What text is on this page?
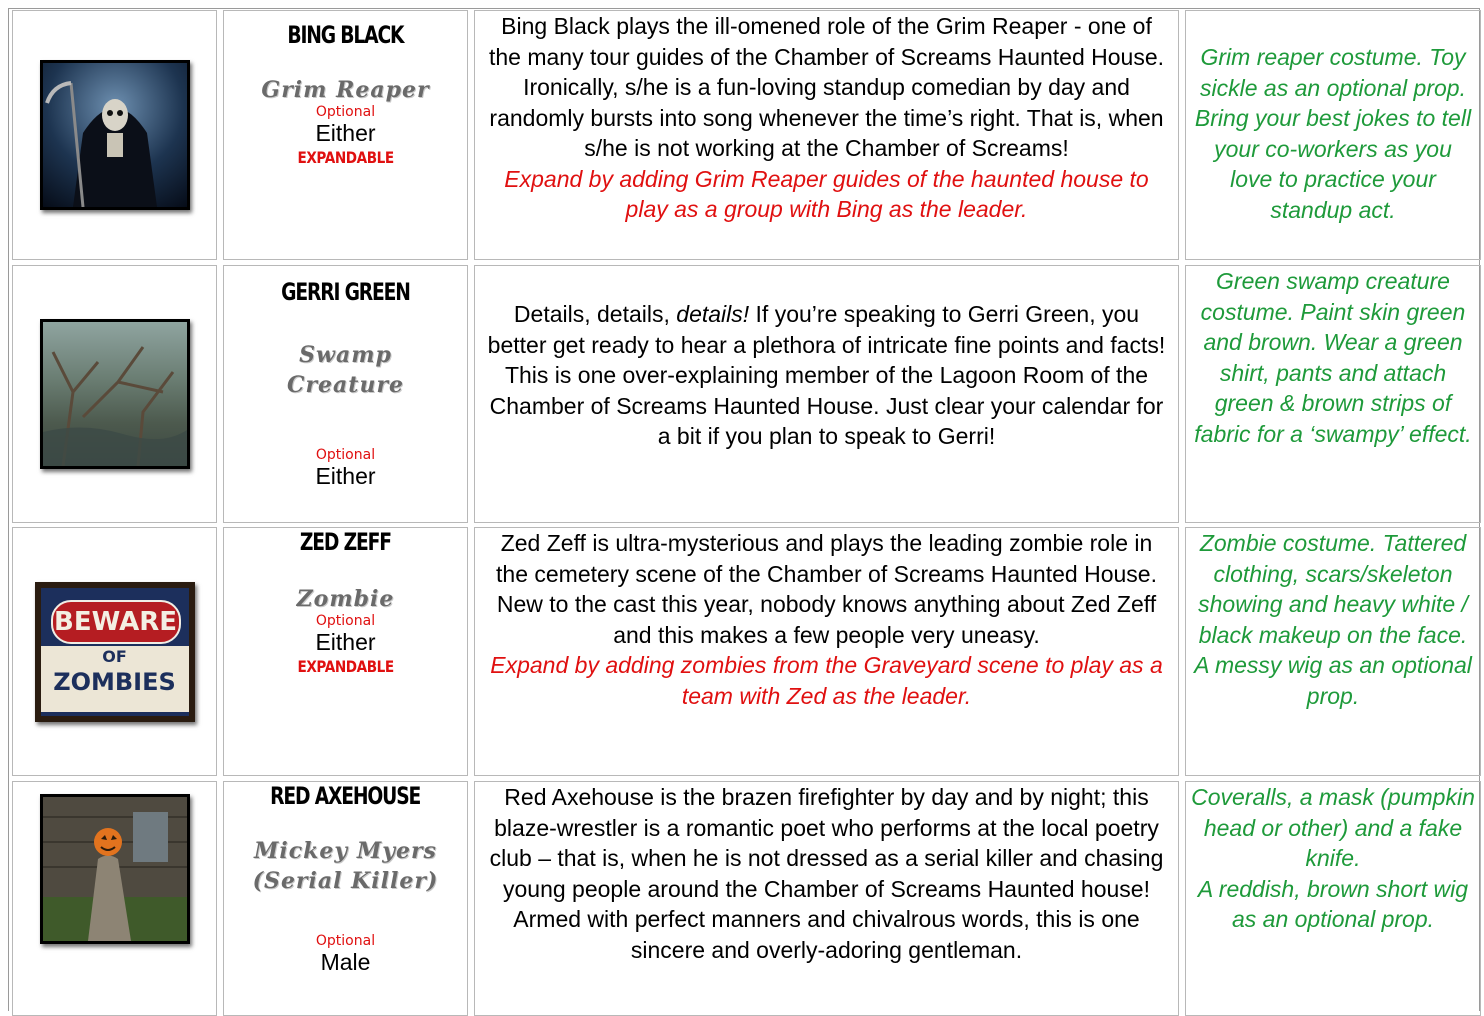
BING BLACK
Grim Reaper
Optional
Either
EXPANDABLE
Bing Black plays the ill-omened role of the Grim Reaper - one of the many tour guides of the Chamber of Screams Haunted House. Ironically, s/he is a fun-loving standup comedian by day and randomly bursts into song whenever the time’s right. That is, when s/he is not working at the Chamber of Screams!
Expand by adding Grim Reaper guides of the haunted house to play as a group with Bing as the leader.
Grim reaper costume. Toy sickle as an optional prop. Bring your best jokes to tell your co-workers as you love to practice your standup act.
GERRI GREEN
Swamp
Creature
Optional
Either
Details, details, details! If you’re speaking to Gerri Green, you better get ready to hear a plethora of intricate fine points and facts! This is one over-explaining member of the Lagoon Room of the Chamber of Screams Haunted House. Just clear your calendar for a bit if you plan to speak to Gerri!
Green swamp creature costume. Paint skin green and brown. Wear a green shirt, pants and attach green & brown strips of fabric for a ‘swampy’ effect.
BEWARE
OF
ZOMBIES
ZED ZEFF
Zombie
Optional
Either
EXPANDABLE
Zed Zeff is ultra-mysterious and plays the leading zombie role in the cemetery scene of the Chamber of Screams Haunted House. New to the cast this year, nobody knows anything about Zed Zeff and this makes a few people very uneasy.
Expand by adding zombies from the Graveyard scene to play as a team with Zed as the leader.
Zombie costume. Tattered clothing, scars/skeleton showing and heavy white / black makeup on the face. A messy wig as an optional prop.
RED AXEHOUSE
Mickey Myers
(Serial Killer)
Optional
Male
Red Axehouse is the brazen firefighter by day and by night; this blaze-wrestler is a romantic poet who performs at the local poetry club – that is, when he is not dressed as a serial killer and chasing young people around the Chamber of Screams Haunted house! Armed with perfect manners and chivalrous words, this is one sincere and overly-adoring gentleman.
Coveralls, a mask (pumpkin head or other) and a fake knife.
A reddish, brown short wig as an optional prop.
